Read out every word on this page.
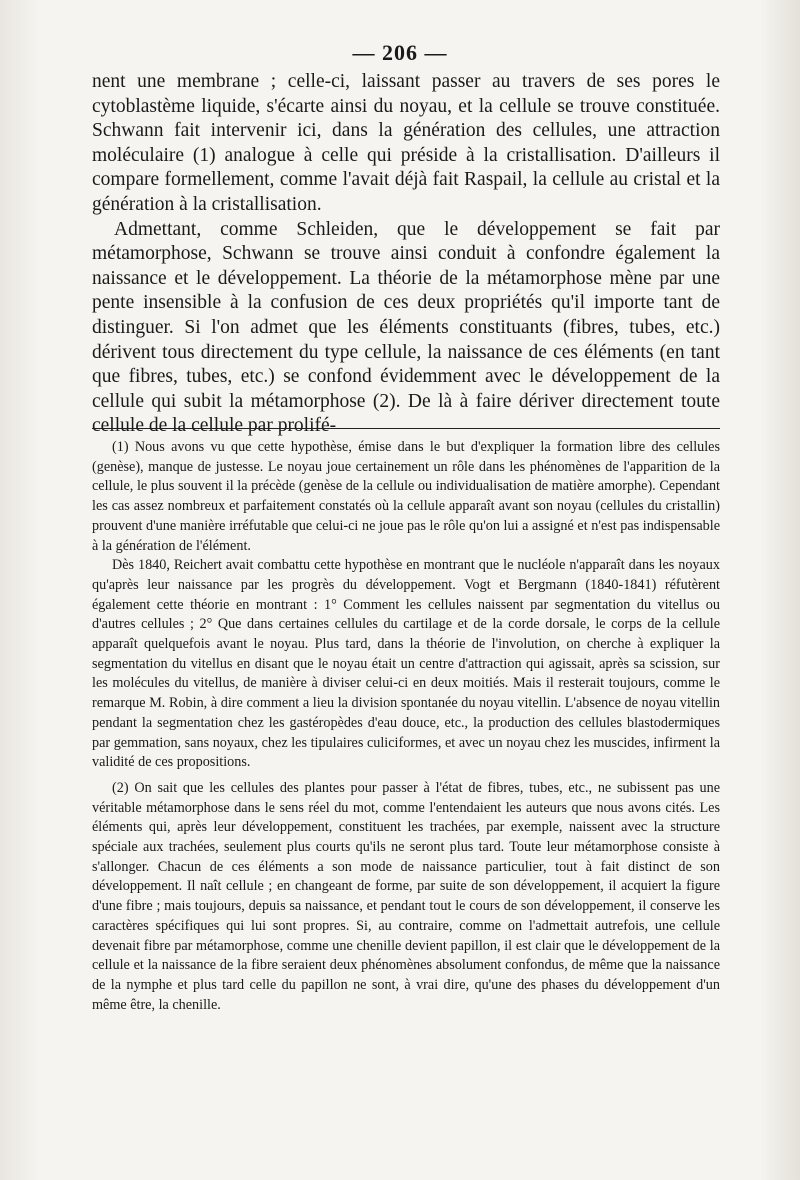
— 206 —

nent une membrane ; celle-ci, laissant passer au travers de ses pores le cytoblastème liquide, s'écarte ainsi du noyau, et la cellule se trouve constituée. Schwann fait intervenir ici, dans la génération des cellules, une attraction moléculaire (1) analogue à celle qui préside à la cristallisation. D'ailleurs il compare formellement, comme l'avait déjà fait Raspail, la cellule au cristal et la génération à la cristallisation.

Admettant, comme Schleiden, que le développement se fait par métamorphose, Schwann se trouve ainsi conduit à confondre également la naissance et le développement. La théorie de la métamorphose mène par une pente insensible à la confusion de ces deux propriétés qu'il importe tant de distinguer. Si l'on admet que les éléments constituants (fibres, tubes, etc.) dérivent tous directement du type cellule, la naissance de ces éléments (en tant que fibres, tubes, etc.) se confond évidemment avec le développement de la cellule qui subit la métamorphose (2). De là à faire dériver directement toute cellule de la cellule par prolifé-

(1) Nous avons vu que cette hypothèse, émise dans le but d'expliquer la formation libre des cellules (genèse), manque de justesse. Le noyau joue certainement un rôle dans les phénomènes de l'apparition de la cellule, le plus souvent il la précède (genèse de la cellule ou individualisation de matière amorphe). Cependant les cas assez nombreux et parfaitement constatés où la cellule apparaît avant son noyau (cellules du cristallin) prouvent d'une manière irréfutable que celui-ci ne joue pas le rôle qu'on lui a assigné et n'est pas indispensable à la génération de l'élément.

Dès 1840, Reichert avait combattu cette hypothèse en montrant que le nucléole n'apparaît dans les noyaux qu'après leur naissance par les progrès du développement. Vogt et Bergmann (1840-1841) réfutèrent également cette théorie en montrant : 1° Comment les cellules naissent par segmentation du vitellus ou d'autres cellules ; 2° Que dans certaines cellules du cartilage et de la corde dorsale, le corps de la cellule apparaît quelquefois avant le noyau. Plus tard, dans la théorie de l'involution, on cherche à expliquer la segmentation du vitellus en disant que le noyau était un centre d'attraction qui agissait, après sa scission, sur les molécules du vitellus, de manière à diviser celui-ci en deux moitiés. Mais il resterait toujours, comme le remarque M. Robin, à dire comment a lieu la division spontanée du noyau vitellin. L'absence de noyau vitellin pendant la segmentation chez les gastéropèdes d'eau douce, etc., la production des cellules blastodermiques par gemmation, sans noyaux, chez les tipulaires culiciformes, et avec un noyau chez les muscides, infirment la validité de ces propositions.

(2) On sait que les cellules des plantes pour passer à l'état de fibres, tubes, etc., ne subissent pas une véritable métamorphose dans le sens réel du mot, comme l'entendaient les auteurs que nous avons cités. Les éléments qui, après leur développement, constituent les trachées, par exemple, naissent avec la structure spéciale aux trachées, seulement plus courts qu'ils ne seront plus tard. Toute leur métamorphose consiste à s'allonger. Chacun de ces éléments a son mode de naissance particulier, tout à fait distinct de son développement. Il naît cellule ; en changeant de forme, par suite de son développement, il acquiert la figure d'une fibre ; mais toujours, depuis sa naissance, et pendant tout le cours de son développement, il conserve les caractères spécifiques qui lui sont propres. Si, au contraire, comme on l'admettait autrefois, une cellule devenait fibre par métamorphose, comme une chenille devient papillon, il est clair que le développement de la cellule et la naissance de la fibre seraient deux phénomènes absolument confondus, de même que la naissance de la nymphe et plus tard celle du papillon ne sont, à vrai dire, qu'une des phases du développement d'un même être, la chenille.
